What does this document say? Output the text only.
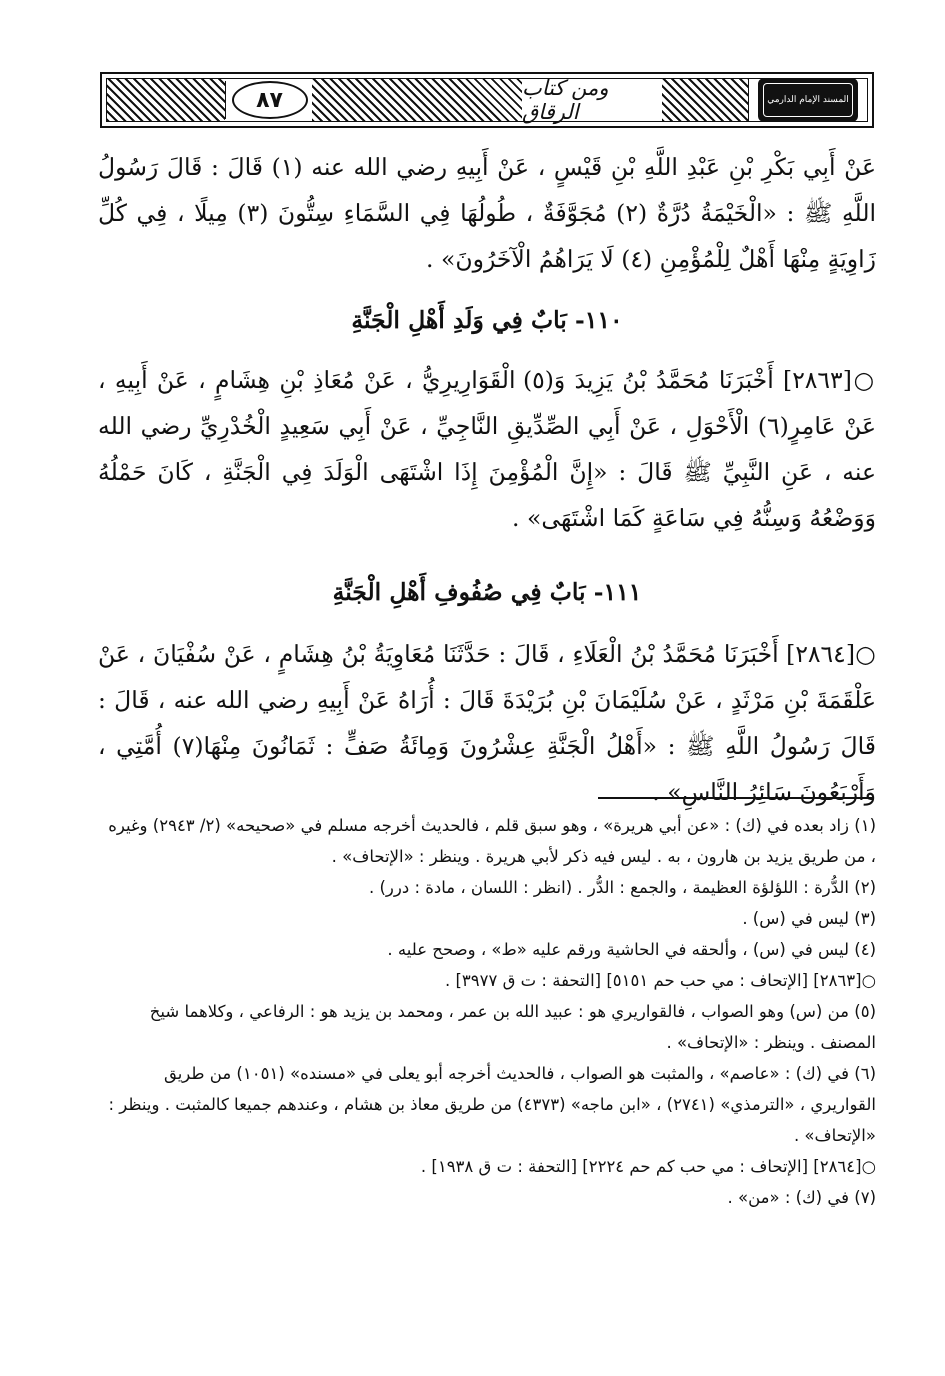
٨٧	ومن كتاب الرقاق	المسند الإمام الدارمي
عَنْ أَبِي بَكْرِ بْنِ عَبْدِ اللَّهِ بْنِ قَيْسٍ ، عَنْ أَبِيهِ رضي الله عنه (١) قَالَ : قَالَ رَسُولُ اللَّهِ ﷺ : «الْخَيْمَةُ دُرَّةٌ (٢) مُجَوَّفَةٌ ، طُولُهَا فِي السَّمَاءِ سِتُّونَ (٣) مِيلًا ، فِي كُلِّ زَاوِيَةٍ مِنْهَا أَهْلٌ لِلْمُؤْمِنِ (٤) لَا يَرَاهُمُ الْآخَرُونَ» .
١١٠- بَابٌ فِي وَلَدِ أَهْلِ الْجَنَّةِ
○[٢٨٦٣] أَخْبَرَنَا مُحَمَّدُ بْنُ يَزِيدَ وَ(٥) الْقَوَارِيرِيُّ ، عَنْ مُعَاذِ بْنِ هِشَامٍ ، عَنْ أَبِيهِ ، عَنْ عَامِرٍ(٦) الْأَحْوَلِ ، عَنْ أَبِي الصِّدِّيقِ النَّاجِيِّ ، عَنْ أَبِي سَعِيدٍ الْخُدْرِيِّ رضي الله عنه ، عَنِ النَّبِيِّ ﷺ قَالَ : «إِنَّ الْمُؤْمِنَ إِذَا اشْتَهَى الْوَلَدَ فِي الْجَنَّةِ ، كَانَ حَمْلُهُ وَوَضْعُهُ وَسِنُّهُ فِي سَاعَةٍ كَمَا اشْتَهَى» .
١١١- بَابٌ فِي صُفُوفِ أَهْلِ الْجَنَّةِ
○[٢٨٦٤] أَخْبَرَنَا مُحَمَّدُ بْنُ الْعَلَاءِ ، قَالَ : حَدَّثَنَا مُعَاوِيَةُ بْنُ هِشَامٍ ، عَنْ سُفْيَانَ ، عَنْ عَلْقَمَةَ بْنِ مَرْثَدٍ ، عَنْ سُلَيْمَانَ بْنِ بُرَيْدَةَ قَالَ : أُرَاهُ عَنْ أَبِيهِ رضي الله عنه ، قَالَ : قَالَ رَسُولُ اللَّهِ ﷺ : «أَهْلُ الْجَنَّةِ عِشْرُونَ وَمِائَةُ صَفٍّ : ثَمَانُونَ مِنْهَا(٧) أُمَّتِي ، وَأَرْبَعُونَ سَائِرُ النَّاسِ» .
(١) زاد بعده في (ك) : «عن أبي هريرة» ، وهو سبق قلم ، فالحديث أخرجه مسلم في «صحيحه» (٢/ ٢٩٤٣) وغيره ، من طريق يزيد بن هارون ، به . ليس فيه ذكر لأبي هريرة . وينظر : «الإتحاف» .
(٢) الدُّرة : اللؤلؤة العظيمة ، والجمع : الدُّر . (انظر : اللسان ، مادة : درر) .
(٣) ليس في (س) .
(٤) ليس في (س) ، وألحقه في الحاشية ورقم عليه «ط» ، وصحح عليه .
○[٢٨٦٣] [الإتحاف : مي حب حم ٥١٥١] [التحفة : ت ق ٣٩٧٧] .
(٥) من (س) وهو الصواب ، فالقواريري هو : عبيد الله بن عمر ، ومحمد بن يزيد هو : الرفاعي ، وكلاهما شيخ المصنف . وينظر : «الإتحاف» .
(٦) في (ك) : «عاصم» ، والمثبت هو الصواب ، فالحديث أخرجه أبو يعلى في «مسنده» (١٠٥١) من طريق القواريري ، «الترمذي» (٢٧٤١) ، «ابن ماجه» (٤٣٧٣) من طريق معاذ بن هشام ، وعندهم جميعا كالمثبت . وينظر : «الإتحاف» .
○[٢٨٦٤] [الإتحاف : مي حب كم حم ٢٢٢٤] [التحفة : ت ق ١٩٣٨] .
(٧) في (ك) : «من» .
